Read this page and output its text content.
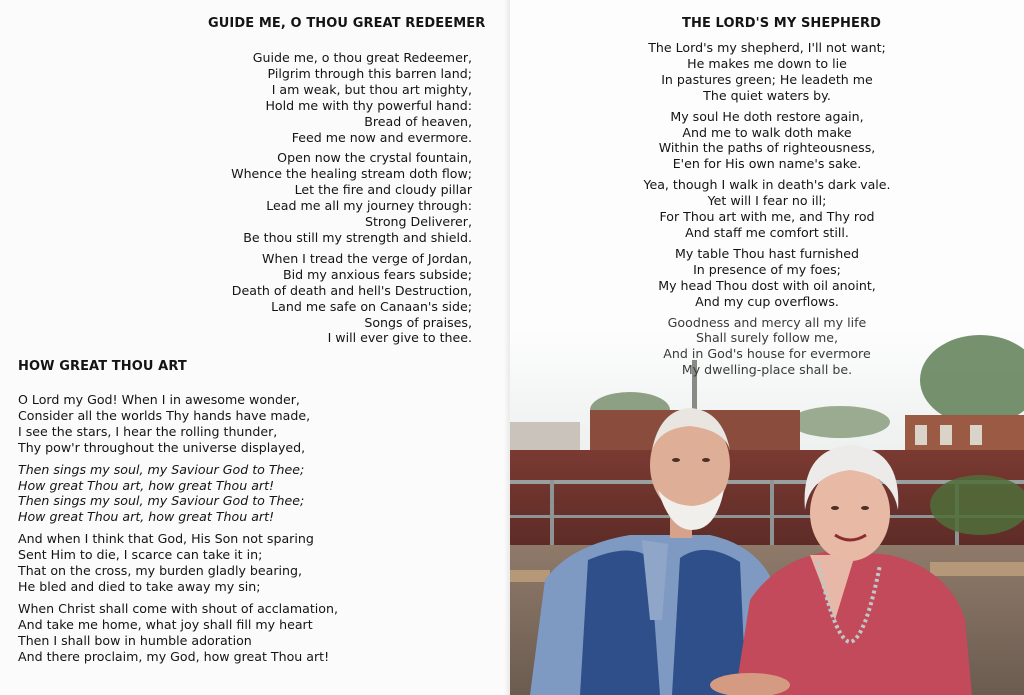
GUIDE ME, O THOU GREAT REDEEMER
Guide me, o thou great Redeemer,
Pilgrim through this barren land;
I am weak, but thou art mighty,
Hold me with thy powerful hand:
Bread of heaven,
Feed me now and evermore.
Open now the crystal fountain,
Whence the healing stream doth flow;
Let the fire and cloudy pillar
Lead me all my journey through:
Strong Deliverer,
Be thou still my strength and shield.
When I tread the verge of Jordan,
Bid my anxious fears subside;
Death of death and hell's Destruction,
Land me safe on Canaan's side;
Songs of praises,
I will ever give to thee.
HOW GREAT THOU ART
O Lord my God! When I in awesome wonder,
Consider all the worlds Thy hands have made,
I see the stars, I hear the rolling thunder,
Thy pow'r throughout the universe displayed,
Then sings my soul, my Saviour God to Thee;
How great Thou art, how great Thou art!
Then sings my soul, my Saviour God to Thee;
How great Thou art, how great Thou art!
And when I think that God, His Son not sparing
Sent Him to die, I scarce can take it in;
That on the cross, my burden gladly bearing,
He bled and died to take away my sin;
When Christ shall come with shout of acclamation,
And take me home, what joy shall fill my heart
Then I shall bow in humble adoration
And there proclaim, my God, how great Thou art!
THE LORD'S MY SHEPHERD
The Lord's my shepherd, I'll not want;
He makes me down to lie
In pastures green; He leadeth me
The quiet waters by.
My soul He doth restore again,
And me to walk doth make
Within the paths of righteousness,
E'en for His own name's sake.
Yea, though I walk in death's dark vale.
Yet will I fear no ill;
For Thou art with me, and Thy rod
And staff me comfort still.
My table Thou hast furnished
In presence of my foes;
My head Thou dost with oil anoint,
And my cup overflows.
Goodness and mercy all my life
Shall surely follow me,
And in God's house for evermore
My dwelling-place shall be.
